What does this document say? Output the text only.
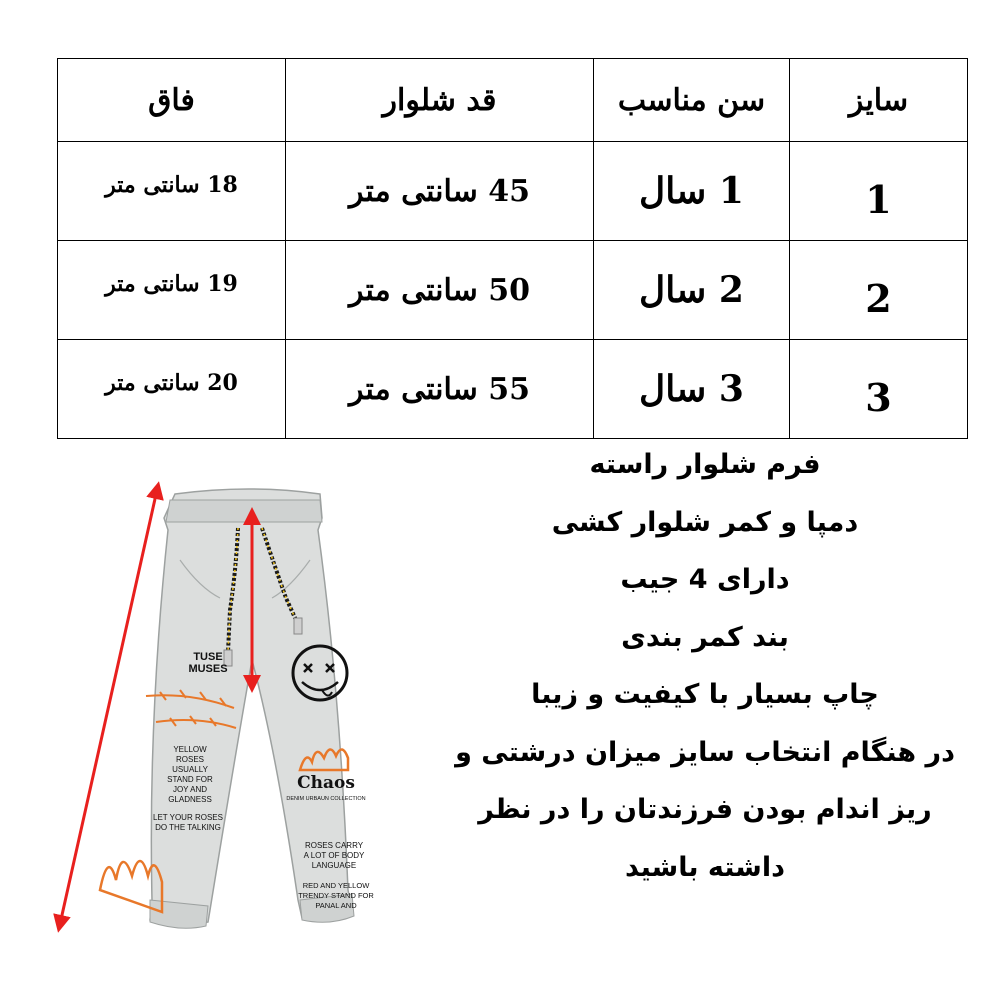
سایز	سن مناسب	قد شلوار	فاق
1	1 سال	45 سانتی متر	18 سانتی متر
2	2 سال	50 سانتی متر	19 سانتی متر
3	3 سال	55 سانتی متر	20 سانتی متر
فرم شلوار راسته
دمپا و کمر شلوار کشی
دارای 4 جیب
بند کمر بندی
چاپ بسیار با کیفیت و زیبا
در هنگام انتخاب سایز میزان درشتی و
ریز اندام بودن فرزندتان را در نظر
داشته باشید
TUSE
MUSES
YELLOW
ROSES
USUALLY
STAND FOR
JOY AND
GLADNESS
LET YOUR ROSES
DO THE TALKING
Chaos
DENIM URBAUN COLLECTION
ROSES CARRY
A LOT OF BODY
LANGUAGE
RED AND YELLOW
TRENDY STAND FOR
PANAL AND
